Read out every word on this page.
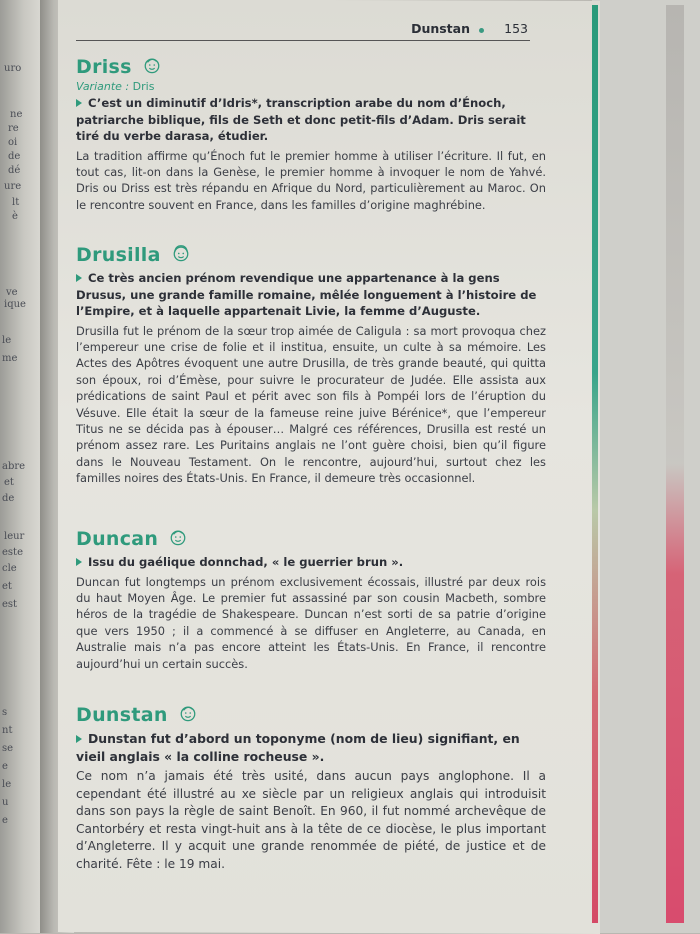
uro
ne
re
oi
de
dé
ure
lt
è
ve
ique
le
me
abre
et
de
leur
este
cle
et
est
s
nt
se
e
le
u
e
Dunstan	153
Driss
Variante : Dris
C’est un diminutif d’Idris*, transcription arabe du nom d’Énoch, patriarche biblique, fils de Seth et donc petit-fils d’Adam. Dris serait tiré du verbe darasa, étudier.
La tradition affirme qu’Énoch fut le premier homme à utiliser l’écriture. Il fut, en tout cas, lit-on dans la Genèse, le premier homme à invoquer le nom de Yahvé. Dris ou Driss est très répandu en Afrique du Nord, particulièrement au Maroc. On le rencontre souvent en France, dans les familles d’origine maghrébine.
Drusilla
Ce très ancien prénom revendique une appartenance à la gens Drusus, une grande famille romaine, mêlée longuement à l’histoire de l’Empire, et à laquelle appartenait Livie, la femme d’Auguste.
Drusilla fut le prénom de la sœur trop aimée de Caligula : sa mort provoqua chez l’empereur une crise de folie et il institua, ensuite, un culte à sa mémoire. Les Actes des Apôtres évoquent une autre Drusilla, de très grande beauté, qui quitta son époux, roi d’Émèse, pour suivre le procurateur de Judée. Elle assista aux prédications de saint Paul et périt avec son fils à Pompéi lors de l’éruption du Vésuve. Elle était la sœur de la fameuse reine juive Bérénice*, que l’empereur Titus ne se décida pas à épouser… Malgré ces références, Drusilla est resté un prénom assez rare. Les Puritains anglais ne l’ont guère choisi, bien qu’il figure dans le Nouveau Testament. On le rencontre, aujourd’hui, surtout chez les familles noires des États-Unis. En France, il demeure très occasionnel.
Duncan
Issu du gaélique donnchad, « le guerrier brun ».
Duncan fut longtemps un prénom exclusivement écossais, illustré par deux rois du haut Moyen Âge. Le premier fut assassiné par son cousin Macbeth, sombre héros de la tragédie de Shakespeare. Duncan n’est sorti de sa patrie d’origine que vers 1950 ; il a commencé à se diffuser en Angleterre, au Canada, en Australie mais n’a pas encore atteint les États-Unis. En France, il rencontre aujourd’hui un certain succès.
Dunstan
Dunstan fut d’abord un toponyme (nom de lieu) signifiant, en vieil anglais « la colline rocheuse ».
Ce nom n’a jamais été très usité, dans aucun pays anglophone. Il a cependant été illustré au xe siècle par un religieux anglais qui introduisit dans son pays la règle de saint Benoît. En 960, il fut nommé archevêque de Cantorbéry et resta vingt-huit ans à la tête de ce diocèse, le plus important d’Angleterre. Il y acquit une grande renommée de piété, de justice et de charité. Fête : le 19 mai.
